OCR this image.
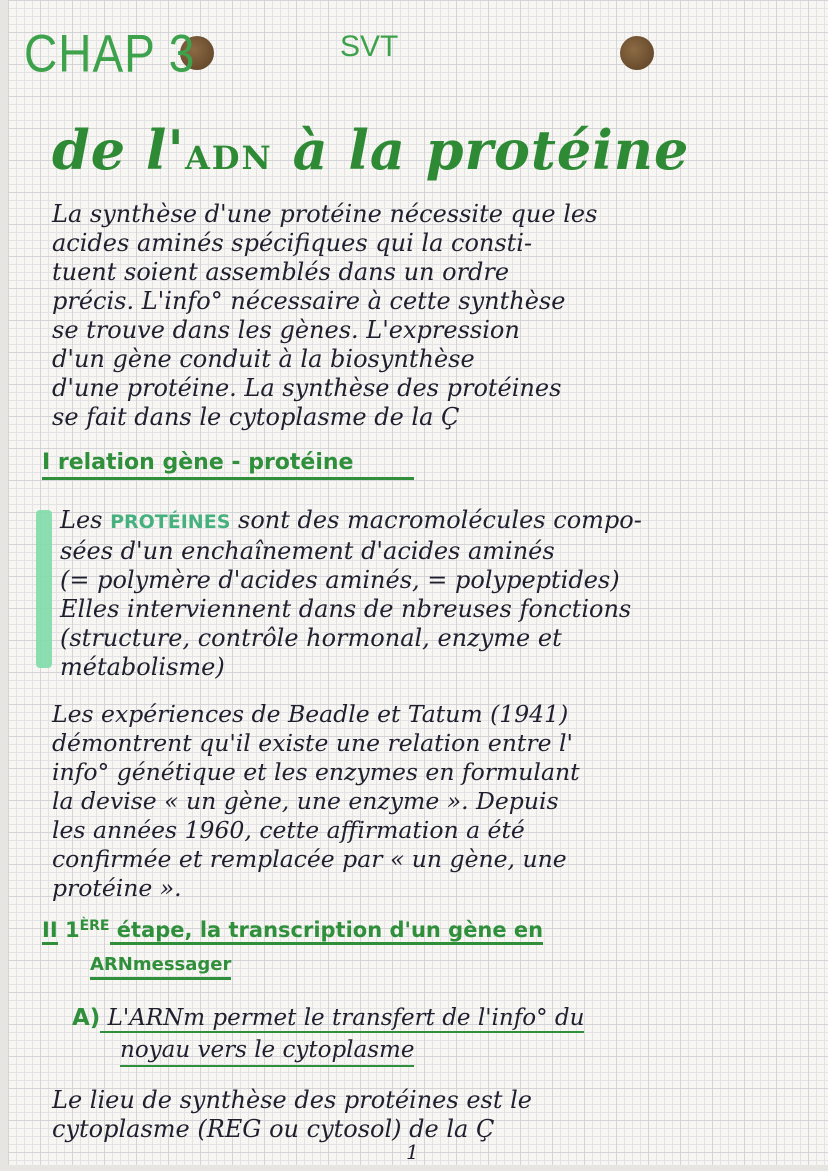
CHAP 3	SVT
de l'ADN à la protéine
La synthèse d'une protéine nécessite que les
acides aminés spécifiques qui la consti-
tuent soient assemblés dans un ordre
précis. L'info° nécessaire à cette synthèse
se trouve dans les gènes. L'expression
d'un gène conduit à la biosynthèse
d'une protéine. La synthèse des protéines
se fait dans le cytoplasme de la Ç
I relation gène - protéine
Les PROTÉINES sont des macromolécules compo-
sées d'un enchaînement d'acides aminés
(= polymère d'acides aminés, = polypeptides)
Elles interviennent dans de nbreuses fonctions
(structure, contrôle hormonal, enzyme et
métabolisme)
Les expériences de Beadle et Tatum (1941)
démontrent qu'il existe une relation entre l'
info° génétique et les enzymes en formulant
la devise « un gène, une enzyme ». Depuis
les années 1960, cette affirmation a été
confirmée et remplacée par « un gène, une
protéine ».
II 1ÈRE étape, la transcription d'un gène en
ARNmessager
A) L'ARNm permet le transfert de l'info° du
noyau vers le cytoplasme
Le lieu de synthèse des protéines est le
cytoplasme (REG ou cytosol) de la Ç
1
